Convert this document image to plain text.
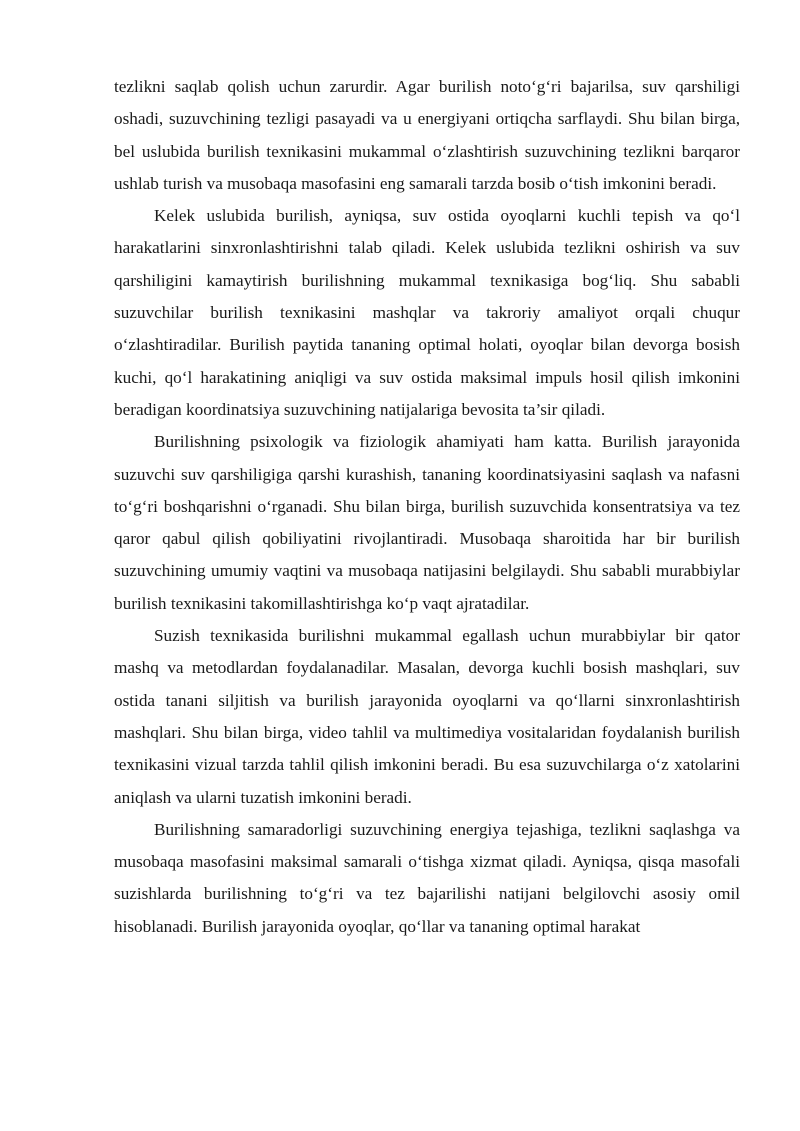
tezlikni saqlab qolish uchun zarurdir. Agar burilish noto‘g‘ri bajarilsa, suv qarshiligi oshadi, suzuvchining tezligi pasayadi va u energiyani ortiqcha sarflaydi. Shu bilan birga, bel uslubida burilish texnikasini mukammal o‘zlashtirish suzuvchining tezlikni barqaror ushlab turish va musobaqa masofasini eng samarali tarzda bosib o‘tish imkonini beradi.

Kelek uslubida burilish, ayniqsa, suv ostida oyoqlarni kuchli tepish va qo‘l harakatlarini sinxronlashtirishni talab qiladi. Kelek uslubida tezlikni oshirish va suv qarshiligini kamaytirish burilishning mukammal texnikasiga bog‘liq. Shu sababli suzuvchilar burilish texnikasini mashqlar va takroriy amaliyot orqali chuqur o‘zlashtiradilar. Burilish paytida tananing optimal holati, oyoqlar bilan devorga bosish kuchi, qo‘l harakatining aniqligi va suv ostida maksimal impuls hosil qilish imkonini beradigan koordinatsiya suzuvchining natijalariga bevosita ta’sir qiladi.

Burilishning psixologik va fiziologik ahamiyati ham katta. Burilish jarayonida suzuvchi suv qarshiligiga qarshi kurashish, tananing koordinatsiyasini saqlash va nafasni to‘g‘ri boshqarishni o‘rganadi. Shu bilan birga, burilish suzuvchida konsentratsiya va tez qaror qabul qilish qobiliyatini rivojlantiradi. Musobaqa sharoitida har bir burilish suzuvchining umumiy vaqtini va musobaqa natijasini belgilaydi. Shu sababli murabbiylar burilish texnikasini takomillashtirishga ko‘p vaqt ajratadilar.

Suzish texnikasida burilishni mukammal egallash uchun murabbiylar bir qator mashq va metodlardan foydalanadilar. Masalan, devorga kuchli bosish mashqlari, suv ostida tanani siljitish va burilish jarayonida oyoqlarni va qo‘llarni sinxronlashtirish mashqlari. Shu bilan birga, video tahlil va multimediya vositalaridan foydalanish burilish texnikasini vizual tarzda tahlil qilish imkonini beradi. Bu esa suzuvchilarga o‘z xatolarini aniqlash va ularni tuzatish imkonini beradi.

Burilishning samaradorligi suzuvchining energiya tejashiga, tezlikni saqlashga va musobaqa masofasini maksimal samarali o‘tishga xizmat qiladi. Ayniqsa, qisqa masofali suzishlarda burilishning to‘g‘ri va tez bajarilishi natijani belgilovchi asosiy omil hisoblanadi. Burilish jarayonida oyoqlar, qo‘llar va tananing optimal harakat
